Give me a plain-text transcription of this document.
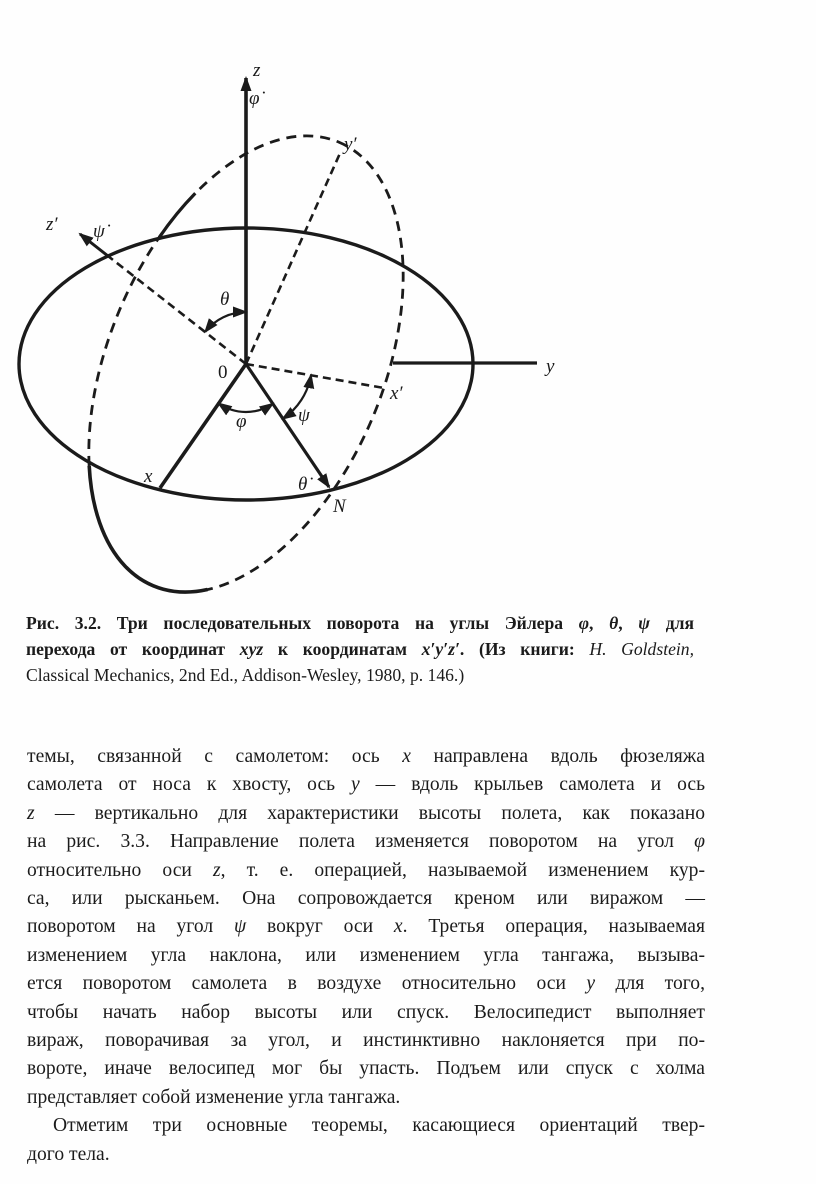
z
φ̇
z′ ψ̇
y′
y
x′
x
0
N
θ
φ	ψ
θ̇
Рис. 3.2. Три последовательных поворота на углы Эйлера φ, θ, ψ для
перехода от координат xyz к координатам x′y′z′. (Из книги: H. Goldstein,
Classical Mechanics, 2nd Ed., Addison-Wesley, 1980, p. 146.)
темы, связанной с самолетом: ось x направлена вдоль фюзеляжа
самолета от носа к хвосту, ось y — вдоль крыльев самолета и ось
z — вертикально для характеристики высоты полета, как показано
на рис. 3.3. Направление полета изменяется поворотом на угол φ
относительно оси z, т. е. операцией, называемой изменением кур-
са, или рысканьем. Она сопровождается креном или виражом —
поворотом на угол ψ вокруг оси x. Третья операция, называемая
изменением угла наклона, или изменением угла тангажа, вызыва-
ется поворотом самолета в воздухе относительно оси y для того,
чтобы начать набор высоты или спуск. Велосипедист выполняет
вираж, поворачивая за угол, и инстинктивно наклоняется при по-
вороте, иначе велосипед мог бы упасть. Подъем или спуск с холма
представляет собой изменение угла тангажа.
Отметим три основные теоремы, касающиеся ориентаций твер-
дого тела.
